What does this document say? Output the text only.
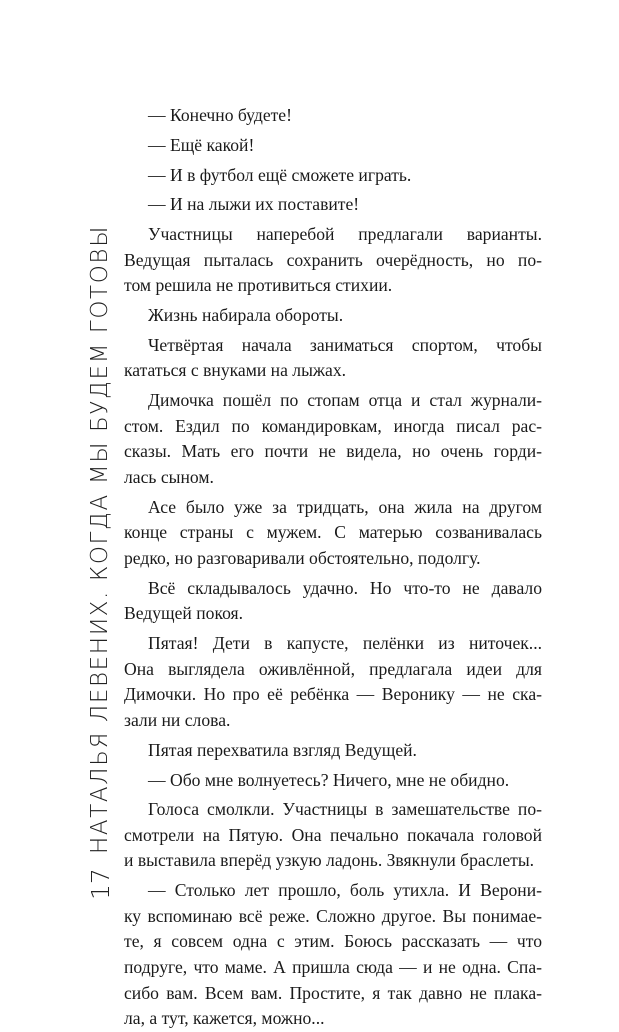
17
НАТАЛЬЯ ЛЕВЕНИХ. КОГДА МЫ БУДЕМ ГОТОВЫ
— Конечно будете!
— Ещё какой!
— И в футбол ещё сможете играть.
— И на лыжи их поставите!
Участницы наперебой предлагали варианты.
Ведущая пыталась сохранить очерёдность, но по-
том решила не противиться стихии.
Жизнь набирала обороты.
Четвёртая начала заниматься спортом, чтобы
кататься с внуками на лыжах.
Димочка пошёл по стопам отца и стал журнали-
стом. Ездил по командировкам, иногда писал рас-
сказы. Мать его почти не видела, но очень горди-
лась сыном.
Асе было уже за тридцать, она жила на другом
конце страны с мужем. С матерью созванивалась
редко, но разговаривали обстоятельно, подолгу.
Всё складывалось удачно. Но что-то не давало
Ведущей покоя.
Пятая! Дети в капусте, пелёнки из ниточек...
Она выглядела оживлённой, предлагала идеи для
Димочки. Но про её ребёнка — Веронику — не ска-
зали ни слова.
Пятая перехватила взгляд Ведущей.
— Обо мне волнуетесь? Ничего, мне не обидно.
Голоса смолкли. Участницы в замешательстве по-
смотрели на Пятую. Она печально покачала головой
и выставила вперёд узкую ладонь. Звякнули браслеты.
— Столько лет прошло, боль утихла. И Верони-
ку вспоминаю всё реже. Сложно другое. Вы понимае-
те, я совсем одна с этим. Боюсь рассказать — что
подруге, что маме. А пришла сюда — и не одна. Спа-
сибо вам. Всем вам. Простите, я так давно не плака-
ла, а тут, кажется, можно...
